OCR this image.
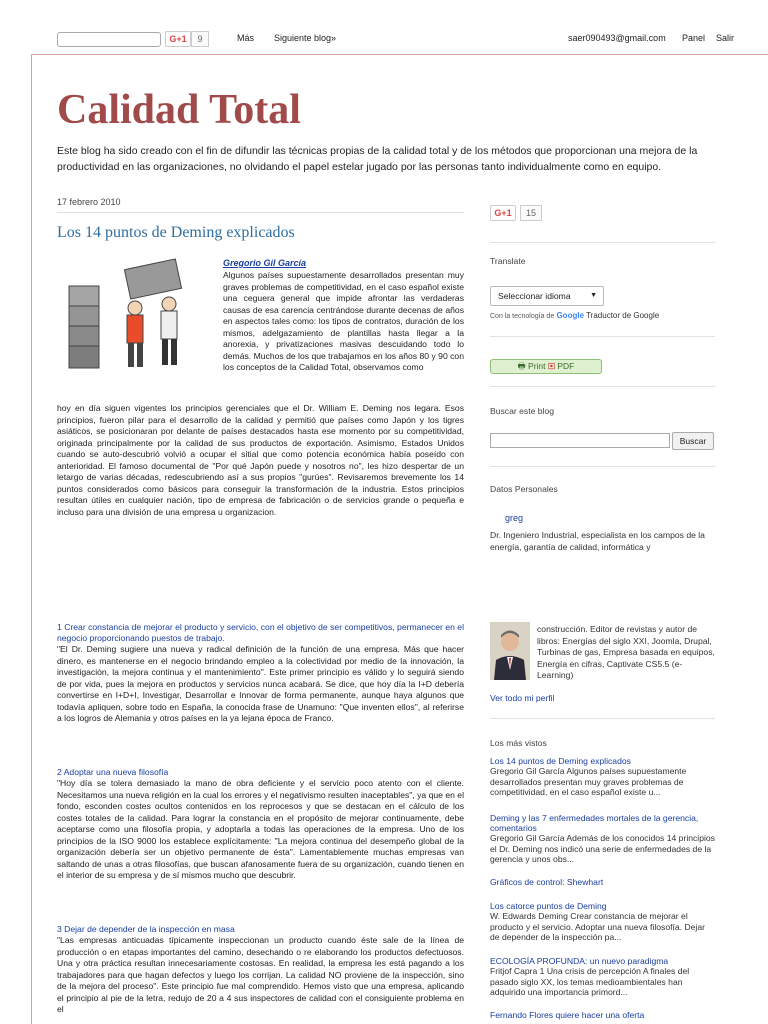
G+1	9	Más Siguiente blog»	saer090493@gmail.com Panel Salir
Calidad Total
Este blog ha sido creado con el fin de difundir las técnicas propias de la calidad total y de los métodos que proporcionan una mejora de la productividad en las organizaciones, no olvidando el papel estelar jugado por las personas tanto individualmente como en equipo.
17 febrero 2010
Los 14 puntos de Deming explicados
Gregorio Gil García
Algunos países supuestamente desarrollados presentan muy graves problemas de competitividad, en el caso español existe una ceguera general que impide afrontar las verdaderas causas de esa carencia centrándose durante decenas de años en aspectos tales como: los tipos de contratos, duración de los mismos, adelgazamiento de plantillas hasta llegar a la anorexia, y privatizaciones masivas descuidando todo lo demás. Muchos de los que trabajamos en los años 80 y 90 con los conceptos de la Calidad Total, observamos como
hoy en día siguen vigentes los principios gerenciales que el Dr. William E. Deming nos legara. Esos principios, fueron pilar para el desarrollo de la calidad y permitió que países como Japón y los tigres asiáticos, se posicionaran por delante de países destacados hasta ese momento por su competitividad, originada principalmente por la calidad de sus productos de exportación. Asimismo, Estados Unidos cuando se auto-descubrió volvió a ocupar el sitial que como potencia económica había poseído con anterioridad. El famoso documental de "Por qué Japón puede y nosotros no", les hizo despertar de un letargo de varias décadas, redescubriendo así a sus propios "gurúes". Revisaremos brevemente los 14 puntos considerados como básicos para conseguir la transformación de la industria. Estos principios resultan útiles en cualquier nación, tipo de empresa de fabricación o de servicios grande o pequeña e incluso para una división de una empresa u organizacion.
1 Crear constancia de mejorar el producto y servicio, con el objetivo de ser competitivos, permanecer en el negocio proporcionando puestos de trabajo.
"El Dr. Deming sugiere una nueva y radical definición de la función de una empresa. Más que hacer dinero, es mantenerse en el negocio brindando empleo a la colectividad por medio de la innovación, la investigación, la mejora continua y el mantenimiento". Este primer principio es válido y lo seguirá siendo de por vida, pues la mejora en productos y servicios nunca acabará. Se dice, que hoy día la I+D debería convertirse en I+D+I, Investigar, Desarrollar e Innovar de forma permanente, aunque haya algunos que todavía apliquen, sobre todo en España, la conocida frase de Unamuno: "Que inventen ellos", al referirse a los logros de Alemania y otros países en la ya lejana época de Franco.
2 Adoptar una nueva filosofía
"Hoy día se tolera demasiado la mano de obra deficiente y el servicio poco atento con el cliente. Necesitamos una nueva religión en la cual los errores y el negativismo resulten inaceptables", ya que en el fondo, esconden costes ocultos contenidos en los reprocesos y que se destacan en el cálculo de los costes totales de la calidad. Para lograr la constancia en el propósito de mejorar continuamente, debe aceptarse como una filosofía propia, y adoptarla a todas las operaciones de la empresa. Uno de los principios de la ISO 9000 los establece explícitamente: "La mejora continua del desempeño global de la organización debería ser un objetivo permanente de ésta". Lamentablemente muchas empresas van saltando de unas a otras filosofías, que buscan afanosamente fuera de su organización, cuando tienen en el interior de su empresa y de sí mismos mucho que descubrir.
3 Dejar de depender de la inspección en masa
"Las empresas anticuadas típicamente inspeccionan un producto cuando éste sale de la línea de producción o en etapas importantes del camino, desechando o re elaborando los productos defectuosos. Una y otra práctica resultan innecesariamente costosas. En realidad, la empresa les está pagando a los trabajadores para que hagan defectos y luego los corrijan. La calidad NO proviene de la inspección, sino de la mejora del proceso". Este principio fue mal comprendido. Hemos visto que una empresa, aplicando el principio al pie de la letra, redujo de 20 a 4 sus inspectores de calidad con el consiguiente problema en el
G+1	15
Translate
Seleccionar idioma	▼
Con la tecnología de Google Traductor de Google
🖶 Print ▣ PDF
Buscar este blog
Buscar
Datos Personales
greg
Dr. Ingeniero Industrial, especialista en los campos de la energía, garantía de calidad, informática y
construcción. Editor de revistas y autor de libros: Energías del siglo XXI, Joomla, Drupal, Turbinas de gas, Empresa basada en equipos, Energía en cifras, Captivate CS5.5 (e-Learning)
Ver todo mi perfil
Los más vistos
Los 14 puntos de Deming explicados
Gregorio Gil García Algunos países supuestamente desarrollados presentan muy graves problemas de competitividad, en el caso español existe u...
Deming y las 7 enfermedades mortales de la gerencia, comentarios
Gregorio Gil García Además de los conocidos 14 principios el Dr. Deming nos indicó una serie de enfermedades de la gerencia y unos obs...
Gráficos de control: Shewhart
Los catorce puntos de Deming
W. Edwards Deming Crear constancia de mejorar el producto y el servicio. Adoptar una nueva filosofía. Dejar de depender de la inspección pa...
ECOLOGÍA PROFUNDA: un nuevo paradigma
Fritjof Capra 1 Una crisis de percepción A finales del pasado siglo XX, los temas medioambientales han adquirido una importancia primord...
Fernando Flores quiere hacer una oferta
